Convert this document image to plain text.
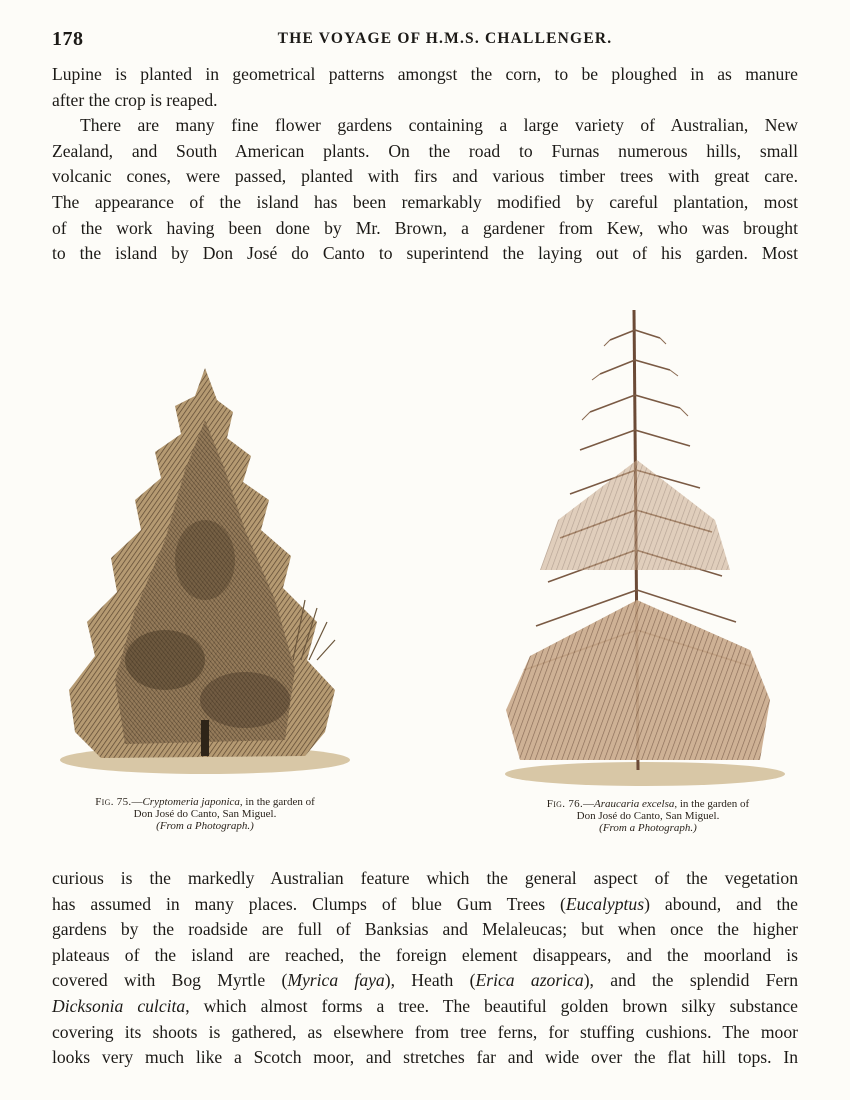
178	THE VOYAGE OF H.M.S. CHALLENGER.
Lupine is planted in geometrical patterns amongst the corn, to be ploughed in as manure
after the crop is reaped.
There are many fine flower gardens containing a large variety of Australian, New
Zealand, and South American plants. On the road to Furnas numerous hills, small
volcanic cones, were passed, planted with firs and various timber trees with great care.
The appearance of the island has been remarkably modified by careful plantation, most
of the work having been done by Mr. Brown, a gardener from Kew, who was brought
to the island by Don José do Canto to superintend the laying out of his garden. Most
Fig. 75.—Cryptomeria japonica, in the garden of
Don José do Canto, San Miguel.
(From a Photograph.)
Fig. 76.—Araucaria excelsa, in the garden of
Don José do Canto, San Miguel.
(From a Photograph.)
curious is the markedly Australian feature which the general aspect of the vegetation
has assumed in many places. Clumps of blue Gum Trees (Eucalyptus) abound, and the
gardens by the roadside are full of Banksias and Melaleucas; but when once the higher
plateaus of the island are reached, the foreign element disappears, and the moorland is
covered with Bog Myrtle (Myrica faya), Heath (Erica azorica), and the splendid Fern
Dicksonia culcita, which almost forms a tree. The beautiful golden brown silky substance
covering its shoots is gathered, as elsewhere from tree ferns, for stuffing cushions. The moor
looks very much like a Scotch moor, and stretches far and wide over the flat hill tops. In
